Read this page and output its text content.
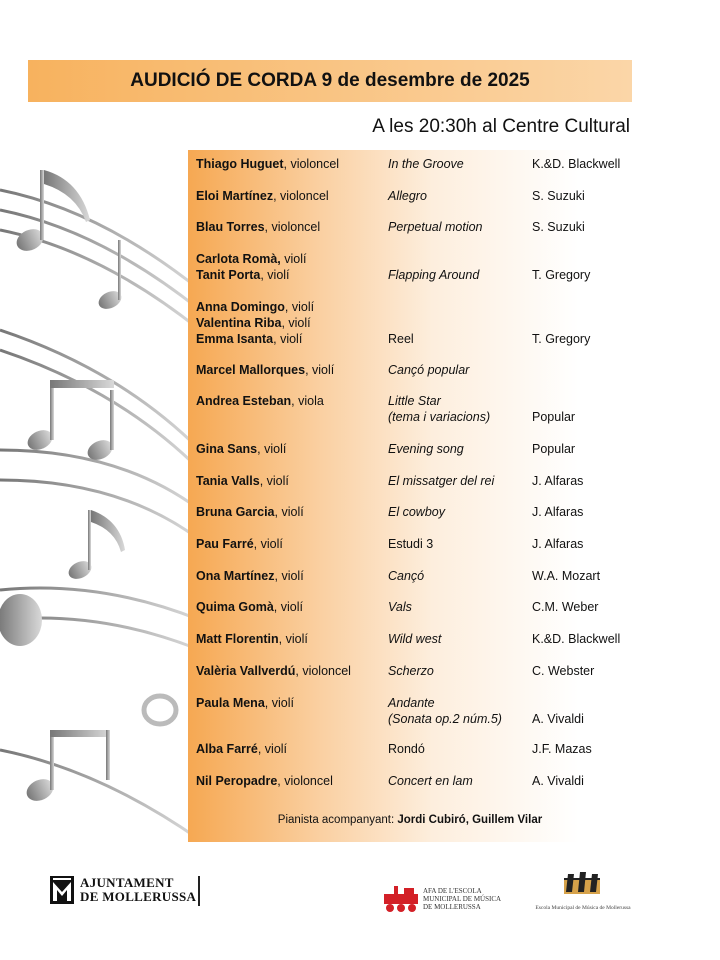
AUDICIÓ DE CORDA 9 de desembre de 2025
A les 20:30h al Centre Cultural
Thiago Huguet, violoncel	In the Groove	K.&D. Blackwell
Eloi Martínez, violoncel	Allegro	S. Suzuki
Blau Torres, violoncel	Perpetual motion	S. Suzuki
Carlota Romà, violí
Tanit Porta, violí	Flapping Around	T. Gregory
Anna Domingo, violí
Valentina Riba, violí
Emma Isanta, violí	Reel	T. Gregory
Marcel Mallorques, violí	Cançó popular
Andrea Esteban, viola	Little Star
(tema i variacions)	Popular
Gina Sans, violí	Evening song	Popular
Tania Valls, violí	El missatger del rei	J. Alfaras
Bruna Garcia, violí	El cowboy	J. Alfaras
Pau Farré, violí	Estudi 3	J. Alfaras
Ona Martínez, violí	Cançó	W.A. Mozart
Quima Gomà, violí	Vals	C.M. Weber
Matt Florentin, violí	Wild west	K.&D. Blackwell
Valèria Vallverdú, violoncel	Scherzo	C. Webster
Paula Mena, violí	Andante
(Sonata op.2 núm.5)	A. Vivaldi
Alba Farré, violí	Rondó	J.F. Mazas
Nil Peropadre, violoncel	Concert en lam	A. Vivaldi
Pianista acompanyant: Jordi Cubiró, Guillem Vilar
AJUNTAMENT
DE MOLLERUSSA	AFA DE L'ESCOLA
MUNICIPAL DE MÚSICA
DE MOLLERUSSA	Escola Municipal de Música de Mollerussa
